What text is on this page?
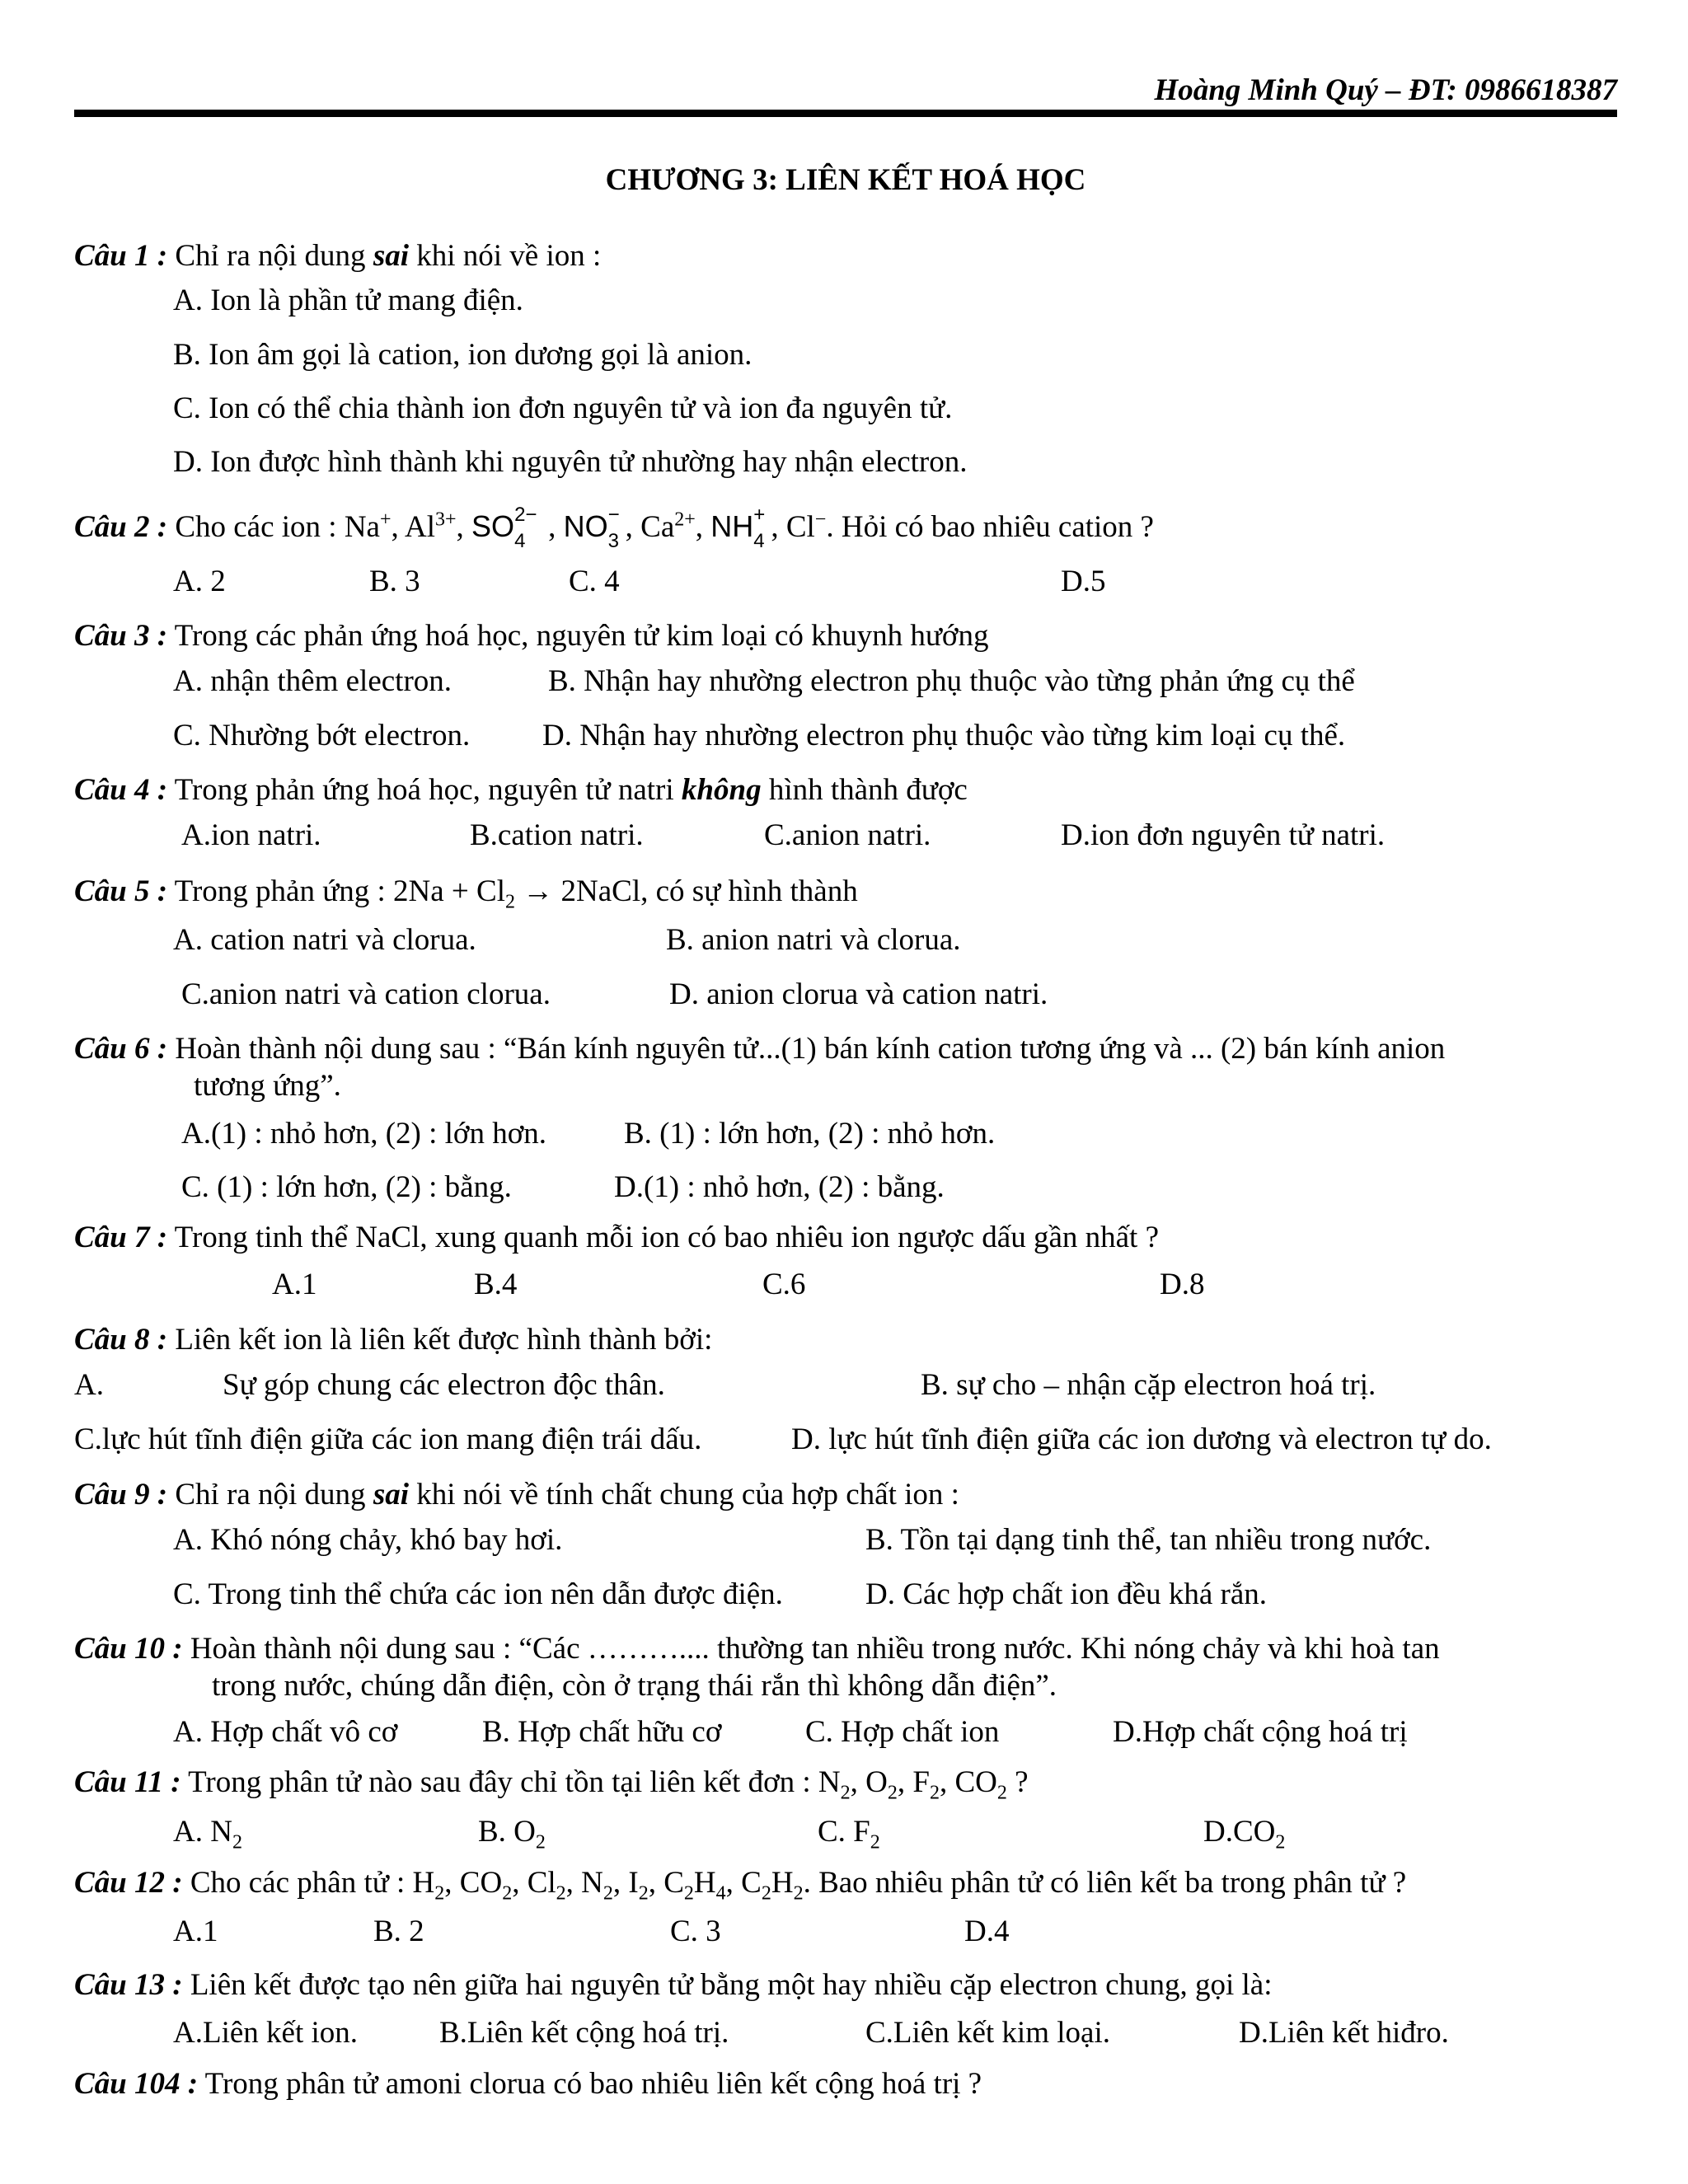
Hoàng Minh Quý – ĐT: 0986618387
CHƯƠNG 3: LIÊN KẾT HOÁ HỌC
Câu 1 : Chỉ ra nội dung sai khi nói về ion :
A. Ion là phần tử mang điện.
B. Ion âm gọi là cation, ion dương gọi là anion.
C. Ion có thể chia thành ion đơn nguyên tử và ion đa nguyên tử.
D. Ion được hình thành khi nguyên tử nhường hay nhận electron.
Câu 2 : Cho các ion : Na+, $Al^{3+}$, SO 2−
4 , NO −
3 , $Ca^{2+}$, NH +
4 , Cl−. Hỏi có bao nhiêu cation ?
A. 2	B. 3	C. 4	D.5
Câu 3 : Trong các phản ứng hoá học, nguyên tử kim loại có khuynh hướng
A. nhận thêm electron.	B. Nhận hay nhường electron phụ thuộc vào từng phản ứng cụ thể
C. Nhường bớt electron. D. Nhận hay nhường electron phụ thuộc vào từng kim loại cụ thể.
Câu 4 : Trong phản ứng hoá học, nguyên tử natri không hình thành được
A.ion natri.	B.cation natri.	C.anion natri.	D.ion đơn nguyên tử natri.
Câu 5 : Trong phản ứng : $2Na + Cl_2$ → 2NaCl, có sự hình thành
A. cation natri và clorua.	B. anion natri và clorua.
C.anion natri và cation clorua.	D. anion clorua và cation natri.
Câu 6 : Hoàn thành nội dung sau : “Bán kính nguyên tử...(1) bán kính cation tương ứng và ... (2) bán kính anion
tương ứng”.
A.(1) : nhỏ hơn, (2) : lớn hơn.	B. (1) : lớn hơn, (2) : nhỏ hơn.
C. (1) : lớn hơn, (2) : bằng.	D.(1) : nhỏ hơn, (2) : bằng.
Câu 7 : Trong tinh thể NaCl, xung quanh mỗi ion có bao nhiêu ion ngược dấu gần nhất ?
A.1	B.4	C.6	D.8
Câu 8 : Liên kết ion là liên kết được hình thành bởi:
A.	Sự góp chung các electron độc thân.	B. sự cho – nhận cặp electron hoá trị.
C.lực hút tĩnh điện giữa các ion mang điện trái dấu.	D. lực hút tĩnh điện giữa các ion dương và electron tự do.
Câu 9 : Chỉ ra nội dung sai khi nói về tính chất chung của hợp chất ion :
A. Khó nóng chảy, khó bay hơi.	B. Tồn tại dạng tinh thể, tan nhiều trong nước.
C. Trong tinh thể chứa các ion nên dẫn được điện.	D. Các hợp chất ion đều khá rắn.
Câu 10 : Hoàn thành nội dung sau : “Các ……….... thường tan nhiều trong nước. Khi nóng chảy và khi hoà tan
trong nước, chúng dẫn điện, còn ở trạng thái rắn thì không dẫn điện”.
A. Hợp chất vô cơ	B. Hợp chất hữu cơ	C. Hợp chất ion	D.Hợp chất cộng hoá trị
Câu 11 : Trong phân tử nào sau đây chỉ tồn tại liên kết đơn : $N_2$, $O_2$, $F_2$, $CO_2$ ?
A. $N_2$	B. $O_2$	C. $F_2$	$D.CO_2$
Câu 12 : Cho các phân tử : $H_2$, $CO_2$, $Cl_2$, $N_2$, $I_2$, $C_2H_4$, $C_2H_2$. Bao nhiêu phân tử có liên kết ba trong phân tử ?
A.1	B. 2	C. 3	D.4
Câu 13 : Liên kết được tạo nên giữa hai nguyên tử bằng một hay nhiều cặp electron chung, gọi là:
A.Liên kết ion.	B.Liên kết cộng hoá trị.	C.Liên kết kim loại.	D.Liên kết hiđro.
Câu 104 : Trong phân tử amoni clorua có bao nhiêu liên kết cộng hoá trị ?
